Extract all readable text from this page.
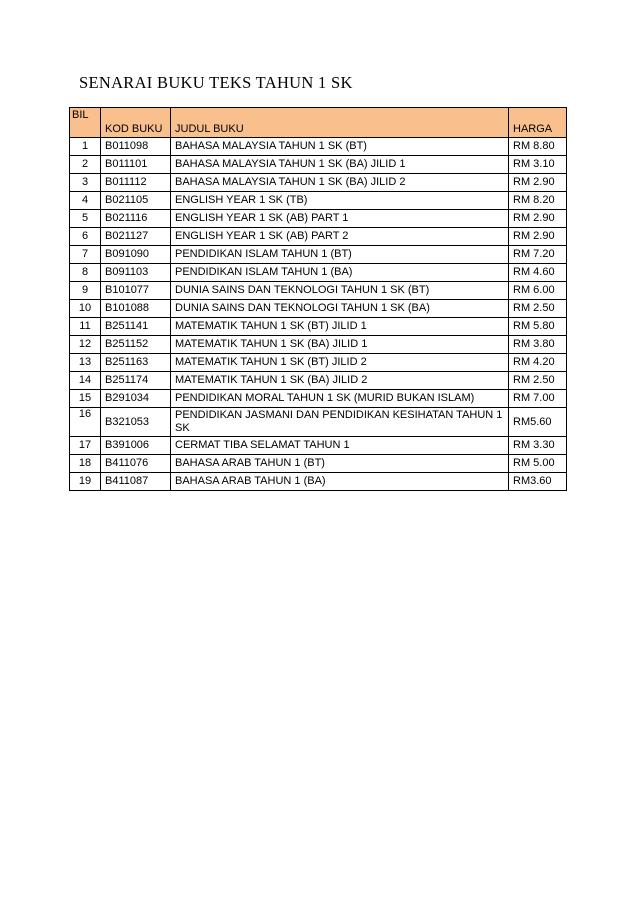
SENARAI BUKU TEKS TAHUN 1 SK
BIL	KOD BUKU	JUDUL BUKU	HARGA
1	B011098	BAHASA MALAYSIA TAHUN 1 SK (BT)	RM 8.80
2	B011101	BAHASA MALAYSIA TAHUN 1 SK (BA) JILID 1	RM 3.10
3	B011112	BAHASA MALAYSIA TAHUN 1 SK (BA) JILID 2	RM 2.90
4	B021105	ENGLISH YEAR 1 SK (TB)	RM 8.20
5	B021116	ENGLISH YEAR 1 SK (AB) PART 1	RM 2.90
6	B021127	ENGLISH YEAR 1 SK (AB) PART 2	RM 2.90
7	B091090	PENDIDIKAN ISLAM TAHUN 1 (BT)	RM 7.20
8	B091103	PENDIDIKAN ISLAM TAHUN 1 (BA)	RM 4.60
9	B101077	DUNIA SAINS DAN TEKNOLOGI TAHUN 1 SK (BT)	RM 6.00
10	B101088	DUNIA SAINS DAN TEKNOLOGI TAHUN 1 SK (BA)	RM 2.50
11	B251141	MATEMATIK TAHUN 1 SK (BT) JILID 1	RM 5.80
12	B251152	MATEMATIK TAHUN 1 SK (BA) JILID 1	RM 3.80
13	B251163	MATEMATIK TAHUN 1 SK (BT) JILID 2	RM 4.20
14	B251174	MATEMATIK TAHUN 1 SK (BA) JILID 2	RM 2.50
15	B291034	PENDIDIKAN MORAL TAHUN 1 SK (MURID BUKAN ISLAM)	RM 7.00
16	B321053	PENDIDIKAN JASMANI DAN PENDIDIKAN KESIHATAN TAHUN 1 SK	RM5.60
17	B391006	CERMAT TIBA SELAMAT TAHUN 1	RM 3.30
18	B411076	BAHASA ARAB TAHUN 1 (BT)	RM 5.00
19	B411087	BAHASA ARAB TAHUN 1 (BA)	RM3.60
